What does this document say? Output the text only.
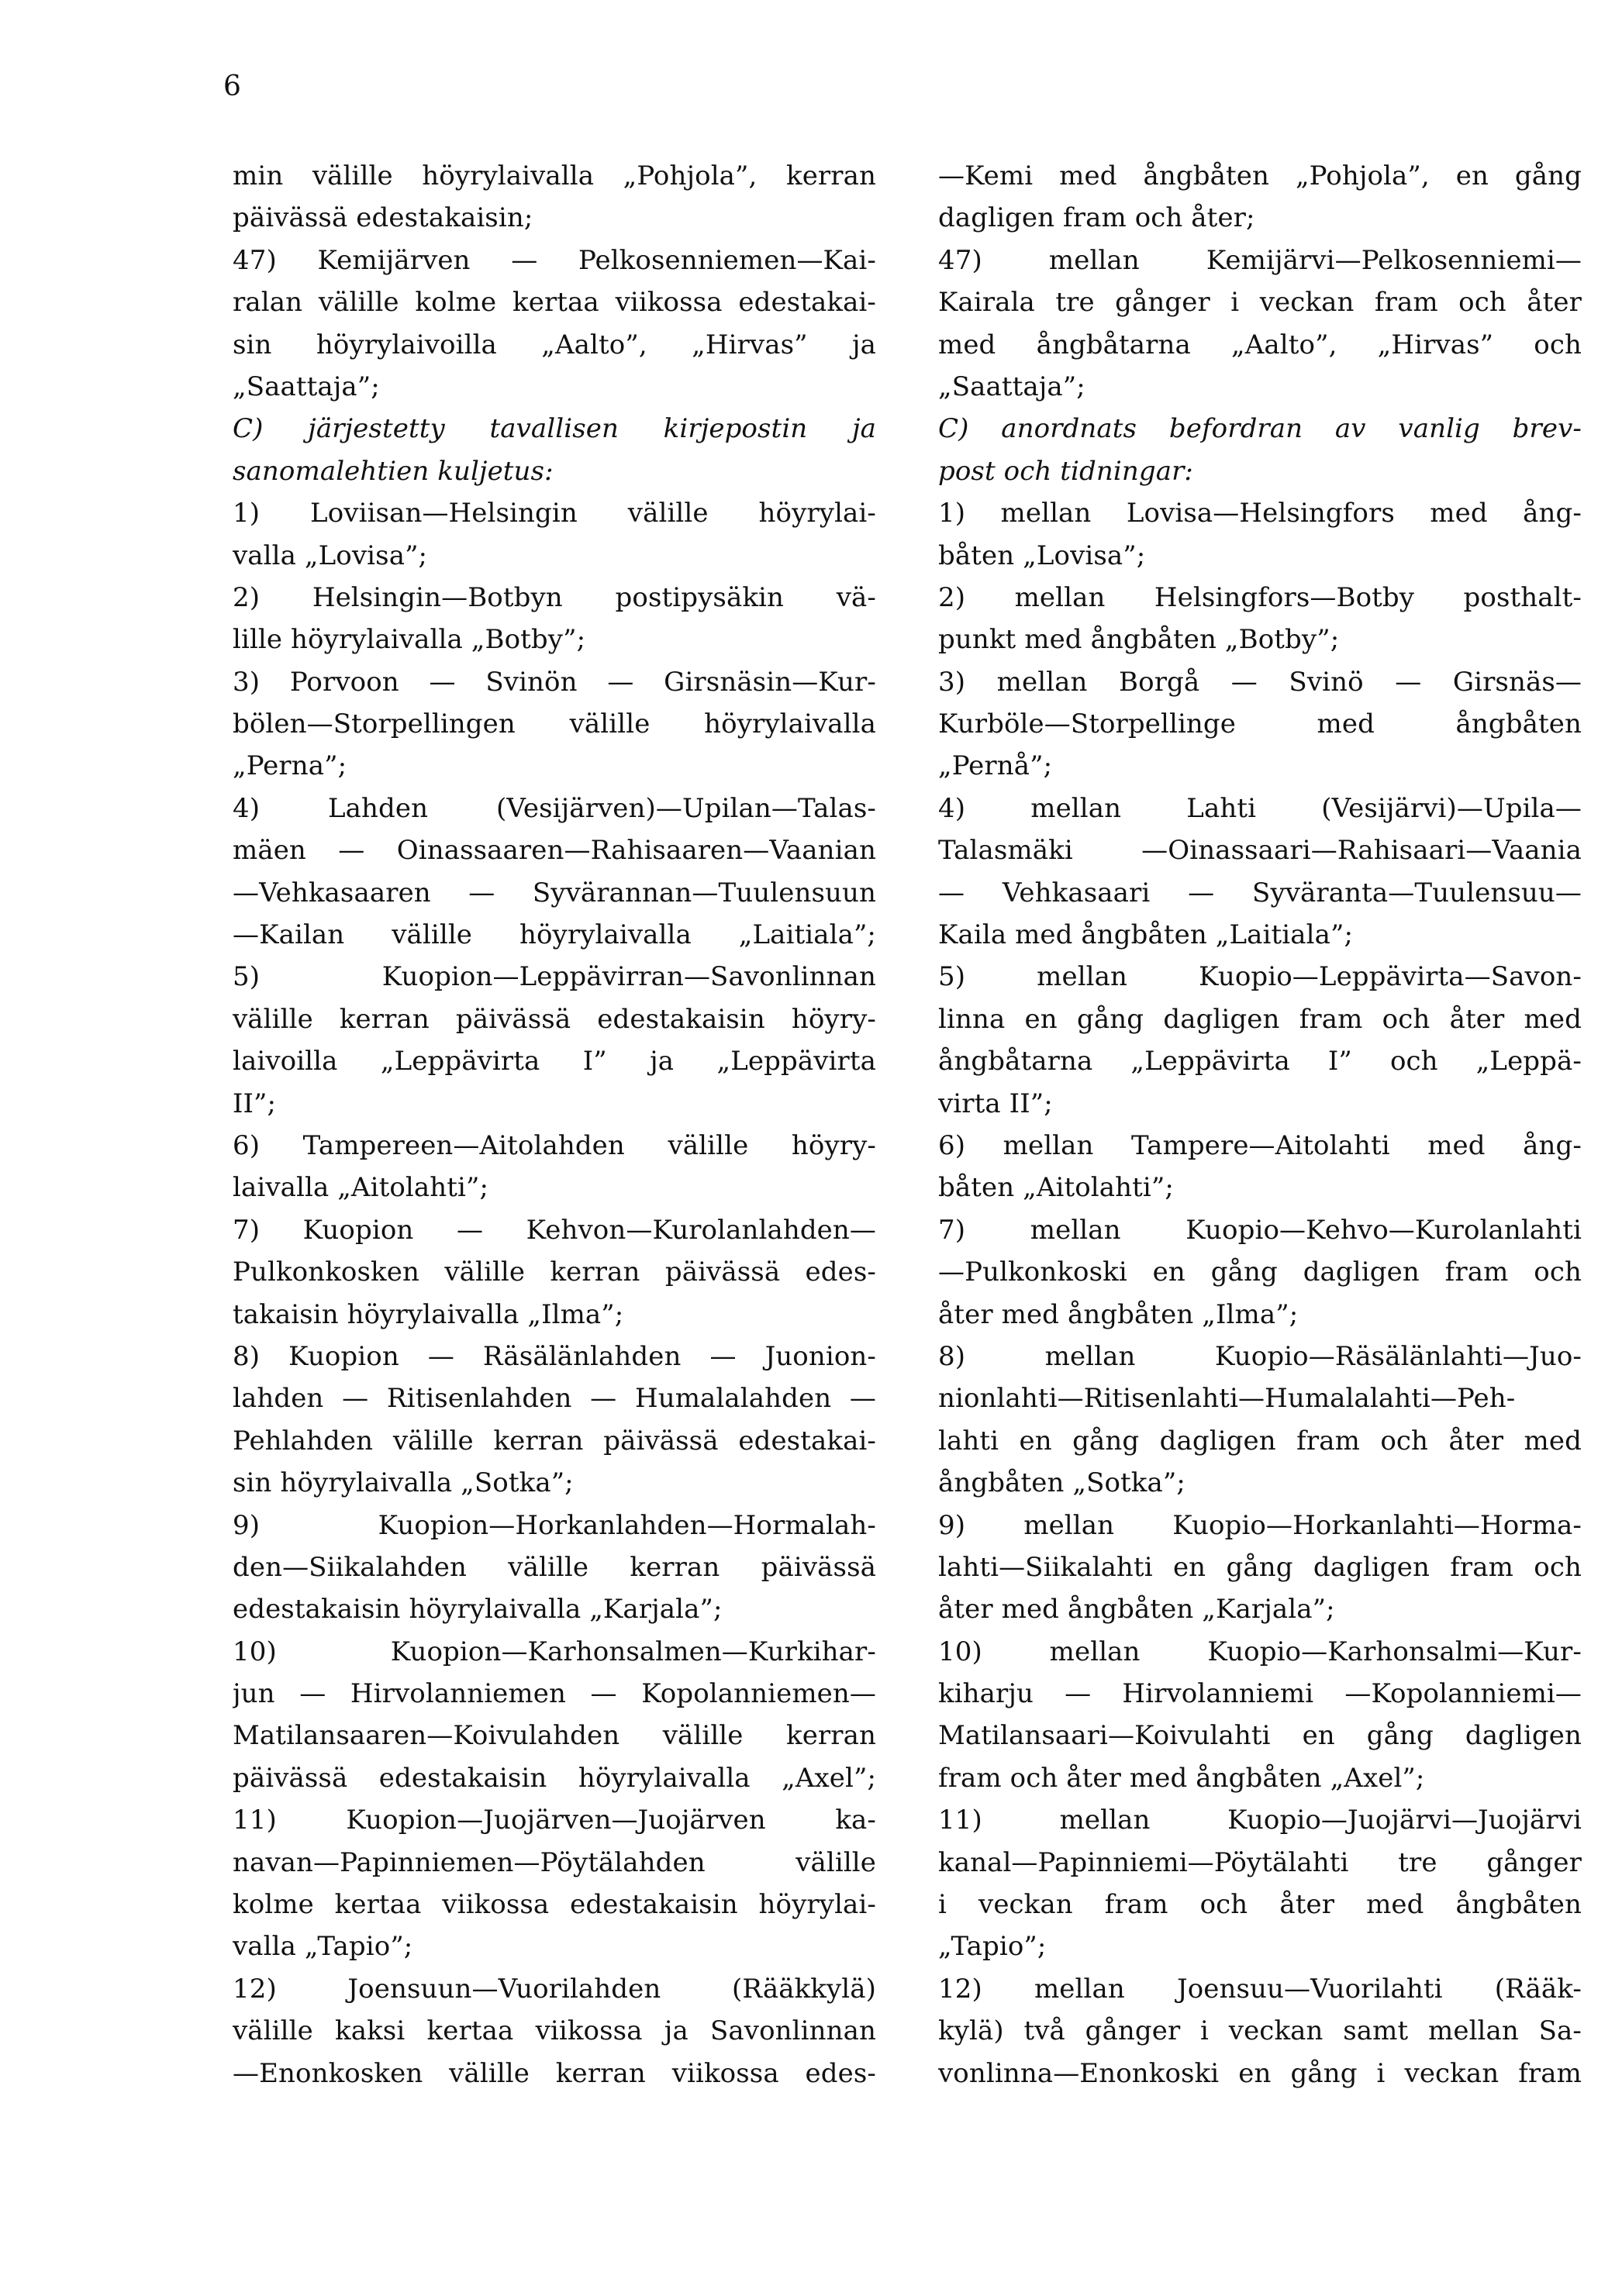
6
min välille höyrylaivalla „Pohjola”, kerran
päivässä edestakaisin;
47) Kemijärven — Pelkosenniemen—Kai-
ralan välille kolme kertaa viikossa edestakai-
sin höyrylaivoilla „Aalto”, „Hirvas” ja
„Saattaja”;
C) järjestetty tavallisen kirjepostin ja
sanomalehtien kuljetus:
1) Loviisan—Helsingin välille höyrylai-
valla „Lovisa”;
2) Helsingin—Botbyn postipysäkin vä-
lille höyrylaivalla „Botby”;
3) Porvoon — Svinön — Girsnäsin—Kur-
bölen—Storpellingen välille höyrylaivalla
„Perna”;
4) Lahden (Vesijärven)—Upilan—Talas-
mäen — Oinassaaren—Rahisaaren—Vaanian
—Vehkasaaren — Syvärannan—Tuulensuun
—Kailan välille höyrylaivalla „Laitiala”;
5) Kuopion—Leppävirran—Savonlinnan
välille kerran päivässä edestakaisin höyry-
laivoilla „Leppävirta I” ja „Leppävirta
II”;
6) Tampereen—Aitolahden välille höyry-
laivalla „Aitolahti”;
7) Kuopion — Kehvon—Kurolanlahden—
Pulkonkosken välille kerran päivässä edes-
takaisin höyrylaivalla „Ilma”;
8) Kuopion — Räsälänlahden — Juonion-
lahden — Ritisenlahden — Humalalahden —
Pehlahden välille kerran päivässä edestakai-
sin höyrylaivalla „Sotka”;
9) Kuopion—Horkanlahden—Hormalah-
den—Siikalahden välille kerran päivässä
edestakaisin höyrylaivalla „Karjala”;
10) Kuopion—Karhonsalmen—Kurkihar-
jun — Hirvolanniemen — Kopolanniemen—
Matilansaaren—Koivulahden välille kerran
päivässä edestakaisin höyrylaivalla „Axel”;
11) Kuopion—Juojärven—Juojärven ka-
navan—Papinniemen—Pöytälahden välille
kolme kertaa viikossa edestakaisin höyrylai-
valla „Tapio”;
12) Joensuun—Vuorilahden (Rääkkylä)
välille kaksi kertaa viikossa ja Savonlinnan
—Enonkosken välille kerran viikossa edes-
—Kemi med ångbåten „Pohjola”, en gång
dagligen fram och åter;
47) mellan Kemijärvi—Pelkosenniemi—
Kairala tre gånger i veckan fram och åter
med ångbåtarna „Aalto”, „Hirvas” och
„Saattaja”;
C) anordnats befordran av vanlig brev-
post och tidningar:
1) mellan Lovisa—Helsingfors med ång-
båten „Lovisa”;
2) mellan Helsingfors—Botby posthalt-
punkt med ångbåten „Botby”;
3) mellan Borgå — Svinö — Girsnäs—
Kurböle—Storpellinge med ångbåten
„Pernå”;
4) mellan Lahti (Vesijärvi)—Upila—
Talasmäki —Oinassaari—Rahisaari—Vaania
— Vehkasaari — Syväranta—Tuulensuu—
Kaila med ångbåten „Laitiala”;
5) mellan Kuopio—Leppävirta—Savon-
linna en gång dagligen fram och åter med
ångbåtarna „Leppävirta I” och „Leppä-
virta II”;
6) mellan Tampere—Aitolahti med ång-
båten „Aitolahti”;
7) mellan Kuopio—Kehvo—Kurolanlahti
—Pulkonkoski en gång dagligen fram och
åter med ångbåten „Ilma”;
8) mellan Kuopio—Räsälänlahti—Juo-
nionlahti—Ritisenlahti—Humalalahti—Peh-
lahti en gång dagligen fram och åter med
ångbåten „Sotka”;
9) mellan Kuopio—Horkanlahti—Horma-
lahti—Siikalahti en gång dagligen fram och
åter med ångbåten „Karjala”;
10) mellan Kuopio—Karhonsalmi—Kur-
kiharju — Hirvolanniemi —Kopolanniemi—
Matilansaari—Koivulahti en gång dagligen
fram och åter med ångbåten „Axel”;
11) mellan Kuopio—Juojärvi—Juojärvi
kanal—Papinniemi—Pöytälahti tre gånger
i veckan fram och åter med ångbåten
„Tapio”;
12) mellan Joensuu—Vuorilahti (Rääk-
kylä) två gånger i veckan samt mellan Sa-
vonlinna—Enonkoski en gång i veckan fram
